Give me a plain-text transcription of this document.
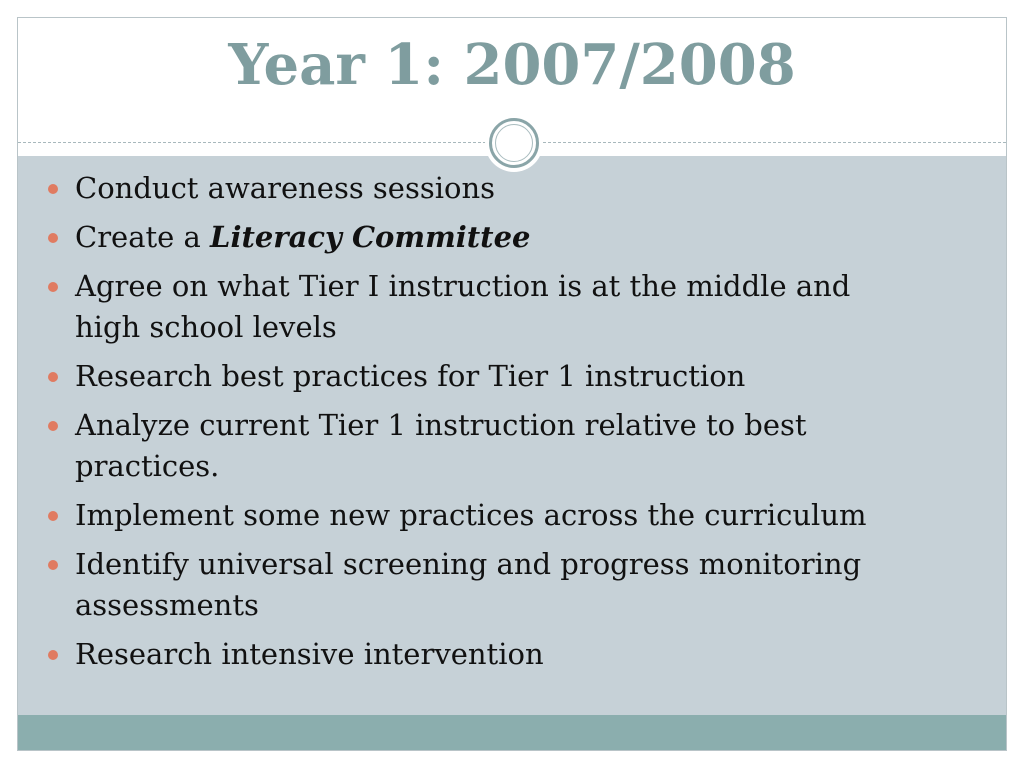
Year 1: 2007/2008
Conduct awareness sessions
Create a Literacy Committee
Agree on what Tier I instruction is at the middle and high school levels
Research best practices for Tier 1 instruction
Analyze current Tier 1 instruction relative to best practices.
Implement some new practices across the curriculum
Identify universal screening and progress monitoring assessments
Research intensive intervention
